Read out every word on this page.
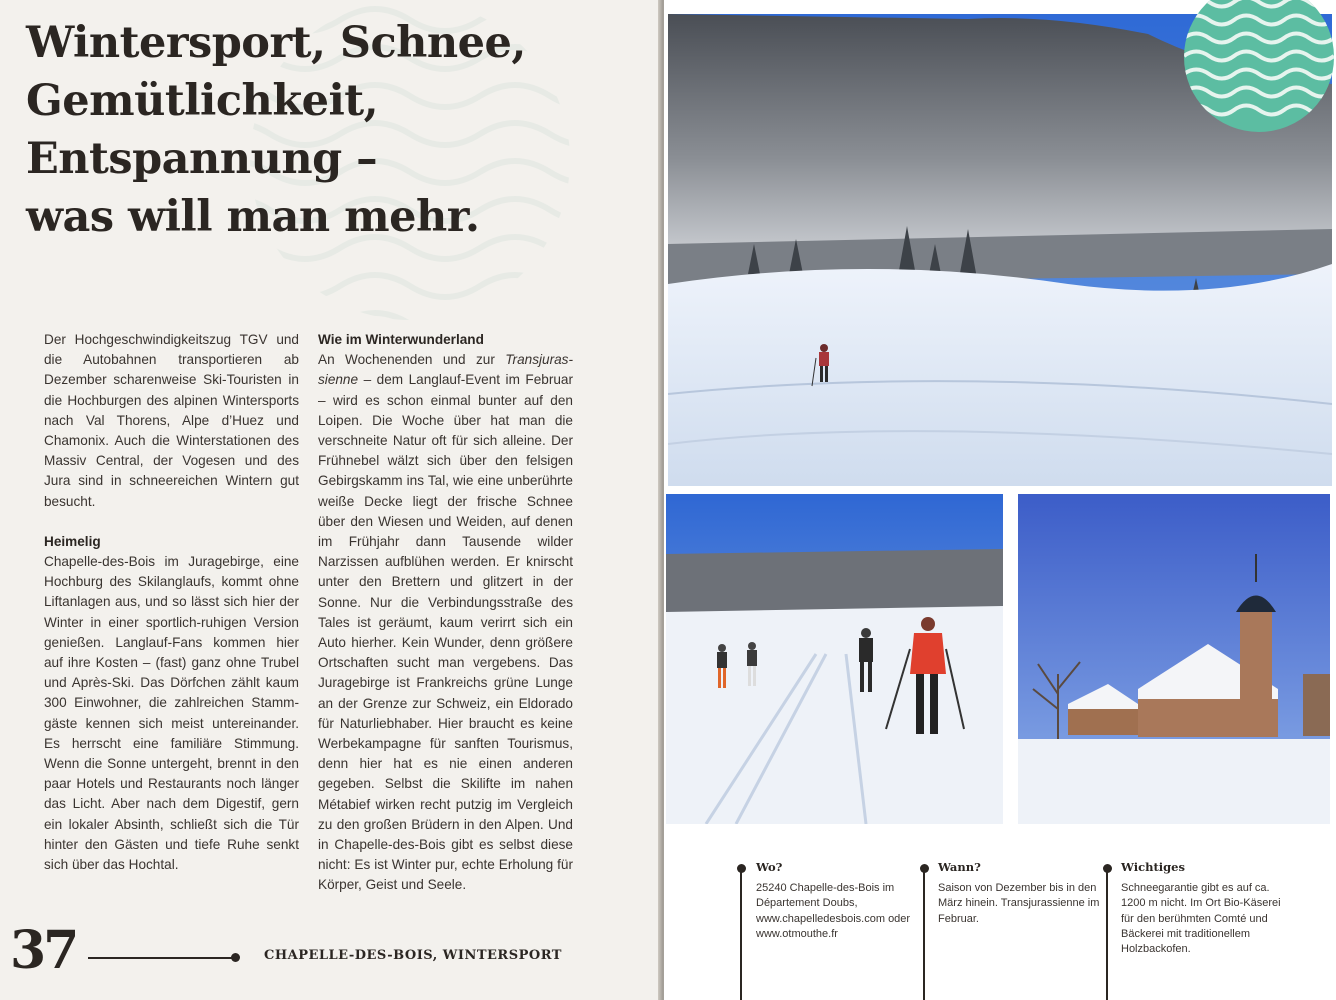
Wintersport, Schnee,
Gemütlichkeit,
Entspannung –
was will man mehr.

Der Hochgeschwindigkeitszug TGV und die Autobahnen transportieren ab Dezember scharenweise Ski-Touristen in die Hochburgen des alpinen Wintersports nach Val Thorens, Alpe d’Huez und Chamonix. Auch die Winterstationen des Massiv Central, der Vogesen und des Jura sind in schneereichen Wintern gut besucht.

Heimelig

Chapelle-des-Bois im Juragebirge, eine Hochburg des Skilanglaufs, kommt ohne Liftanlagen aus, und so lässt sich hier der Winter in einer sportlich-ruhigen Version genießen. Langlauf-Fans kommen hier auf ihre Kosten – (fast) ganz ohne Trubel und Après-Ski. Das Dörfchen zählt kaum 300 Einwohner, die zahlreichen Stammgäste kennen sich meist untereinander. Es herrscht eine familiäre Stimmung. Wenn die Sonne untergeht, brennt in den paar Hotels und Restaurants noch länger das Licht. Aber nach dem Digestif, gern ein lokaler Absinth, schließt sich die Tür hinter den Gästen und tiefe Ruhe senkt sich über das Hochtal.

Wie im Winterwunderland

An Wochenenden und zur Transjurassienne – dem Langlauf-Event im Februar – wird es schon einmal bunter auf den Loipen. Die Woche über hat man die verschneite Natur oft für sich alleine. Der Frühnebel wälzt sich über den felsigen Gebirgskamm ins Tal, wie eine unberührte weiße Decke liegt der frische Schnee über den Wiesen und Weiden, auf denen im Frühjahr dann Tausende wilder Narzissen aufblühen werden. Er knirscht unter den Brettern und glitzert in der Sonne. Nur die Verbindungsstraße des Tales ist geräumt, kaum verirrt sich ein Auto hierher. Kein Wunder, denn größere Ortschaften sucht man vergebens. Das Juragebirge ist Frankreichs grüne Lunge an der Grenze zur Schweiz, ein Eldorado für Naturliebhaber. Hier braucht es keine Werbekampagne für sanften Tourismus, denn hier hat es nie einen anderen gegeben. Selbst die Skilifte im nahen Métabief wirken recht putzig im Vergleich zu den großen Brüdern in den Alpen. Und in Chapelle-des-Bois gibt es selbst diese nicht: Es ist Winter pur, echte Erholung für Körper, Geist und Seele.

37	CHAPELLE-DES-BOIS, WINTERSPORT
Wo?

25240 Chapelle-des-Bois im Département Doubs, www.chapelledesbois.com oder www.otmouthe.fr

Wann?

Saison von Dezember bis in den März hinein. Transjurassienne im Februar.

Wichtiges

Schneegarantie gibt es auf ca. 1200 m nicht. Im Ort Bio-Käserei für den berühmten Comté und Bäckerei mit traditionellem Holzbackofen.
